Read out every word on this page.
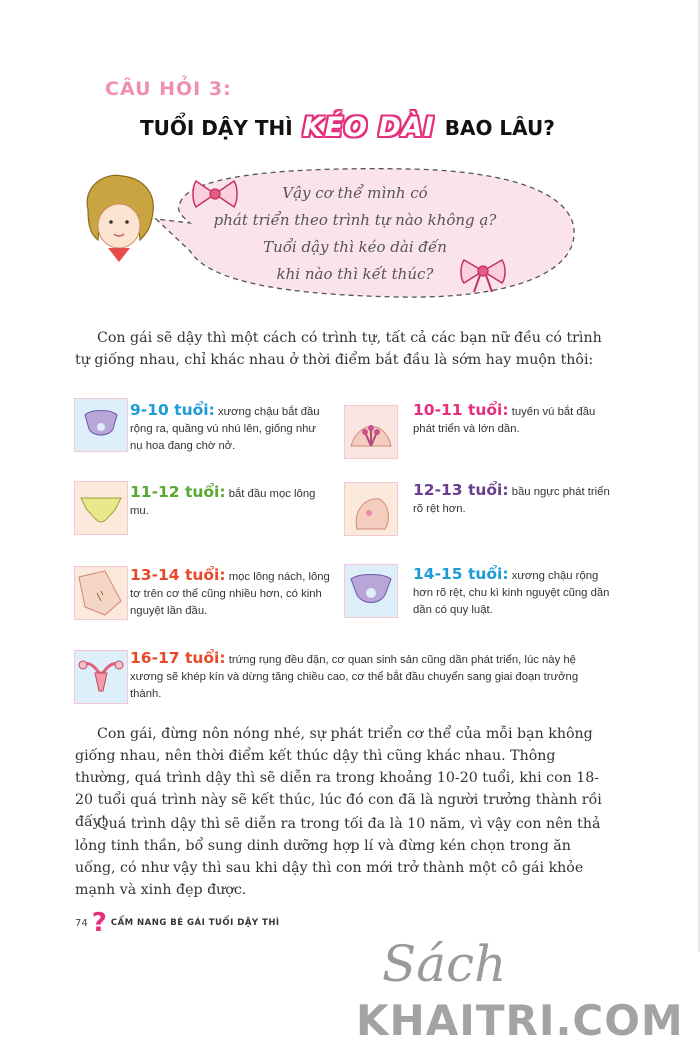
CÂU HỎI 3:
TUỔI DẬY THÌ KÉO DÀI BAO LÂU?
Vậy cơ thể mình có
phát triển theo trình tự nào không ạ?
Tuổi dậy thì kéo dài đến
khi nào thì kết thúc?
Con gái sẽ dậy thì một cách có trình tự, tất cả các bạn nữ đều có trình tự giống nhau, chỉ khác nhau ở thời điểm bắt đầu là sớm hay muộn thôi:
9-10 tuổi: xương chậu bắt đầu rộng ra, quầng vú nhú lên, giống như nụ hoa đang chờ nở.
10-11 tuổi: tuyến vú bắt đầu phát triển và lớn dần.
11-12 tuổi: bắt đầu mọc lông mu.
12-13 tuổi: bầu ngực phát triển rõ rệt hơn.
13-14 tuổi: mọc lông nách, lông tơ trên cơ thể cũng nhiều hơn, có kinh nguyệt lần đầu.
14-15 tuổi: xương chậu rộng hơn rõ rệt, chu kì kinh nguyệt cũng dần dần có quy luật.
16-17 tuổi: trứng rụng đều đặn, cơ quan sinh sản cũng dần phát triển, lúc này hệ xương sẽ khép kín và dừng tăng chiều cao, cơ thể bắt đầu chuyển sang giai đoạn trưởng thành.
Con gái, đừng nôn nóng nhé, sự phát triển cơ thể của mỗi bạn không giống nhau, nên thời điểm kết thúc dậy thì cũng khác nhau. Thông thường, quá trình dậy thì sẽ diễn ra trong khoảng 10-20 tuổi, khi con 18-20 tuổi quá trình này sẽ kết thúc, lúc đó con đã là người trưởng thành rồi đấy!
Quá trình dậy thì sẽ diễn ra trong tối đa là 10 năm, vì vậy con nên thả lỏng tinh thần, bổ sung dinh dưỡng hợp lí và đừng kén chọn trong ăn uống, có như vậy thì sau khi dậy thì con mới trở thành một cô gái khỏe mạnh và xinh đẹp được.
74 ? CẨM NANG BÉ GÁI TUỔI DẬY THÌ
Sách
KHAITRI.COM
